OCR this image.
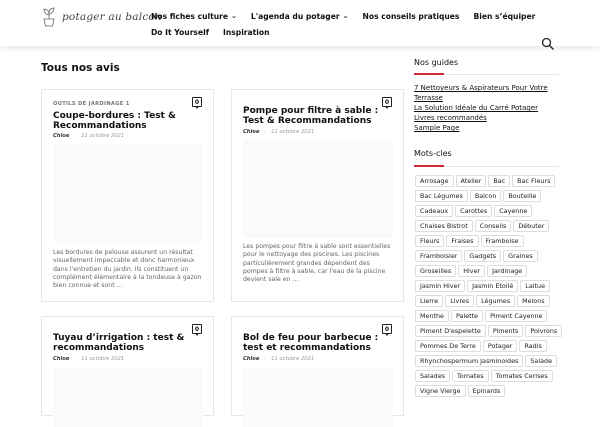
potager au balcon
Nos fiches culture ⌄ L'agenda du potager ⌄ Nos conseils pratiques Bien s’équiper
Do It Yourself Inspiration
Tous nos avis
OUTILS DE JARDINAGE 1	0
Coupe-bordures : Test & Recommandations
Chloe - 11 octobre 2021
Les bordures de pelouse assurent un résultat visuellement impeccable et donc harmonieux dans l'entretien du jardin. Ils constituent un complément élémentaire à la tondeuse à gazon bien connue et sont ...
0
Pompe pour filtre à sable : Test & Recommandations
Chloe - 11 octobre 2021
Les pompes pour filtre à sable sont essentielles pour le nettoyage des piscines. Les piscines particulièrement grandes dépendent des pompes à filtre à sable, car l'eau de la piscine devient sale en ...
0
Tuyau d’irrigation : test & recommandations
Chloe - 11 octobre 2021
0
Bol de feu pour barbecue : test et recommandations
Chloe - 11 octobre 2021
Nos guides
7 Nettoyeurs & Aspirateurs Pour Votre Terrasse
La Solution Idéale du Carré Potager
Livres recommandés
Sample Page
Mots-cles
Arrosage	Atelier	Bac	Bac Fleurs
Bac Légumes	Balcon	Bouteille
Cadeaux	Carottes	Cayenne
Chaises Bistrot	Conseils	Débuter
Fleurs	Fraises	Framboise
Framboisier	Gadgets	Graines
Groseilles	Hiver	Jardinage
Jasmin Hiver	Jasmin Etoilé	Laitue
Lierre	Livres	Légumes	Melons
Menthe	Palette	Piment Cayenne
Piment D'espelette	Piments	Poivrons
Pommes De Terre	Potager	Radis
Rhynchospermum Jasminoides	Salade
Salades	Tomates	Tomates Cerises
Vigne Vierge	Epinards
